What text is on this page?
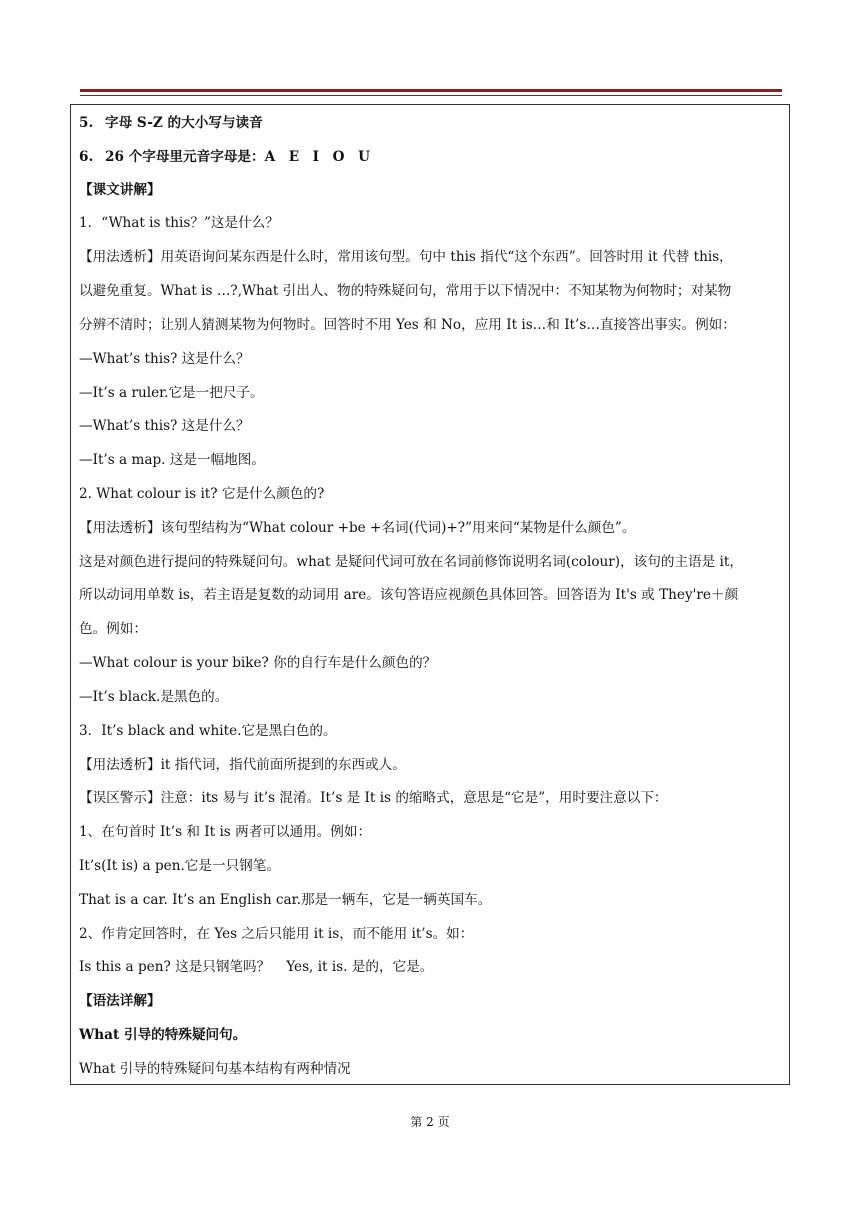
5. 字母 S-Z 的大小写与读音
6. 26 个字母里元音字母是：A　E　I　O　U
【课文讲解】
1．“What is this？”这是什么？
【用法透析】用英语询问某东西是什么时，常用该句型。句中 this 指代“这个东西”。回答时用 it 代替 this，
以避免重复。What is …?,What 引出人、物的特殊疑问句，常用于以下情况中：不知某物为何物时；对某物
分辨不清时；让别人猜测某物为何物时。回答时不用 Yes 和 No，应用 It is…和 It’s…直接答出事实。例如：
—What’s this? 这是什么？
—It’s a ruler.它是一把尺子。
—What’s this? 这是什么？
—It’s a map. 这是一幅地图。
2. What colour is it? 它是什么颜色的?
【用法透析】该句型结构为“What colour +be +名词(代词)+?”用来问“某物是什么颜色”。
这是对颜色进行提问的特殊疑问句。what 是疑问代词可放在名词前修饰说明名词(colour)，该句的主语是 it，
所以动词用单数 is，若主语是复数的动词用 are。该句答语应视颜色具体回答。回答语为 It's 或 They're＋颜
色。例如：
—What colour is your bike? 你的自行车是什么颜色的？
—It’s black.是黑色的。
3．It’s black and white.它是黑白色的。
【用法透析】it 指代词，指代前面所提到的东西或人。
【误区警示】注意：its 易与 it’s 混淆。It’s 是 It is 的缩略式，意思是“它是”，用时要注意以下：
1、在句首时 It’s 和 It is 两者可以通用。例如：
It’s(It is) a pen.它是一只钢笔。
That is a car. It’s an English car.那是一辆车，它是一辆英国车。
2、作肯定回答时，在 Yes 之后只能用 it is，而不能用 it’s。如：
Is this a pen? 这是只钢笔吗？ Yes, it is. 是的，它是。
【语法详解】
What 引导的特殊疑问句。
What 引导的特殊疑问句基本结构有两种情况
第 2 页
